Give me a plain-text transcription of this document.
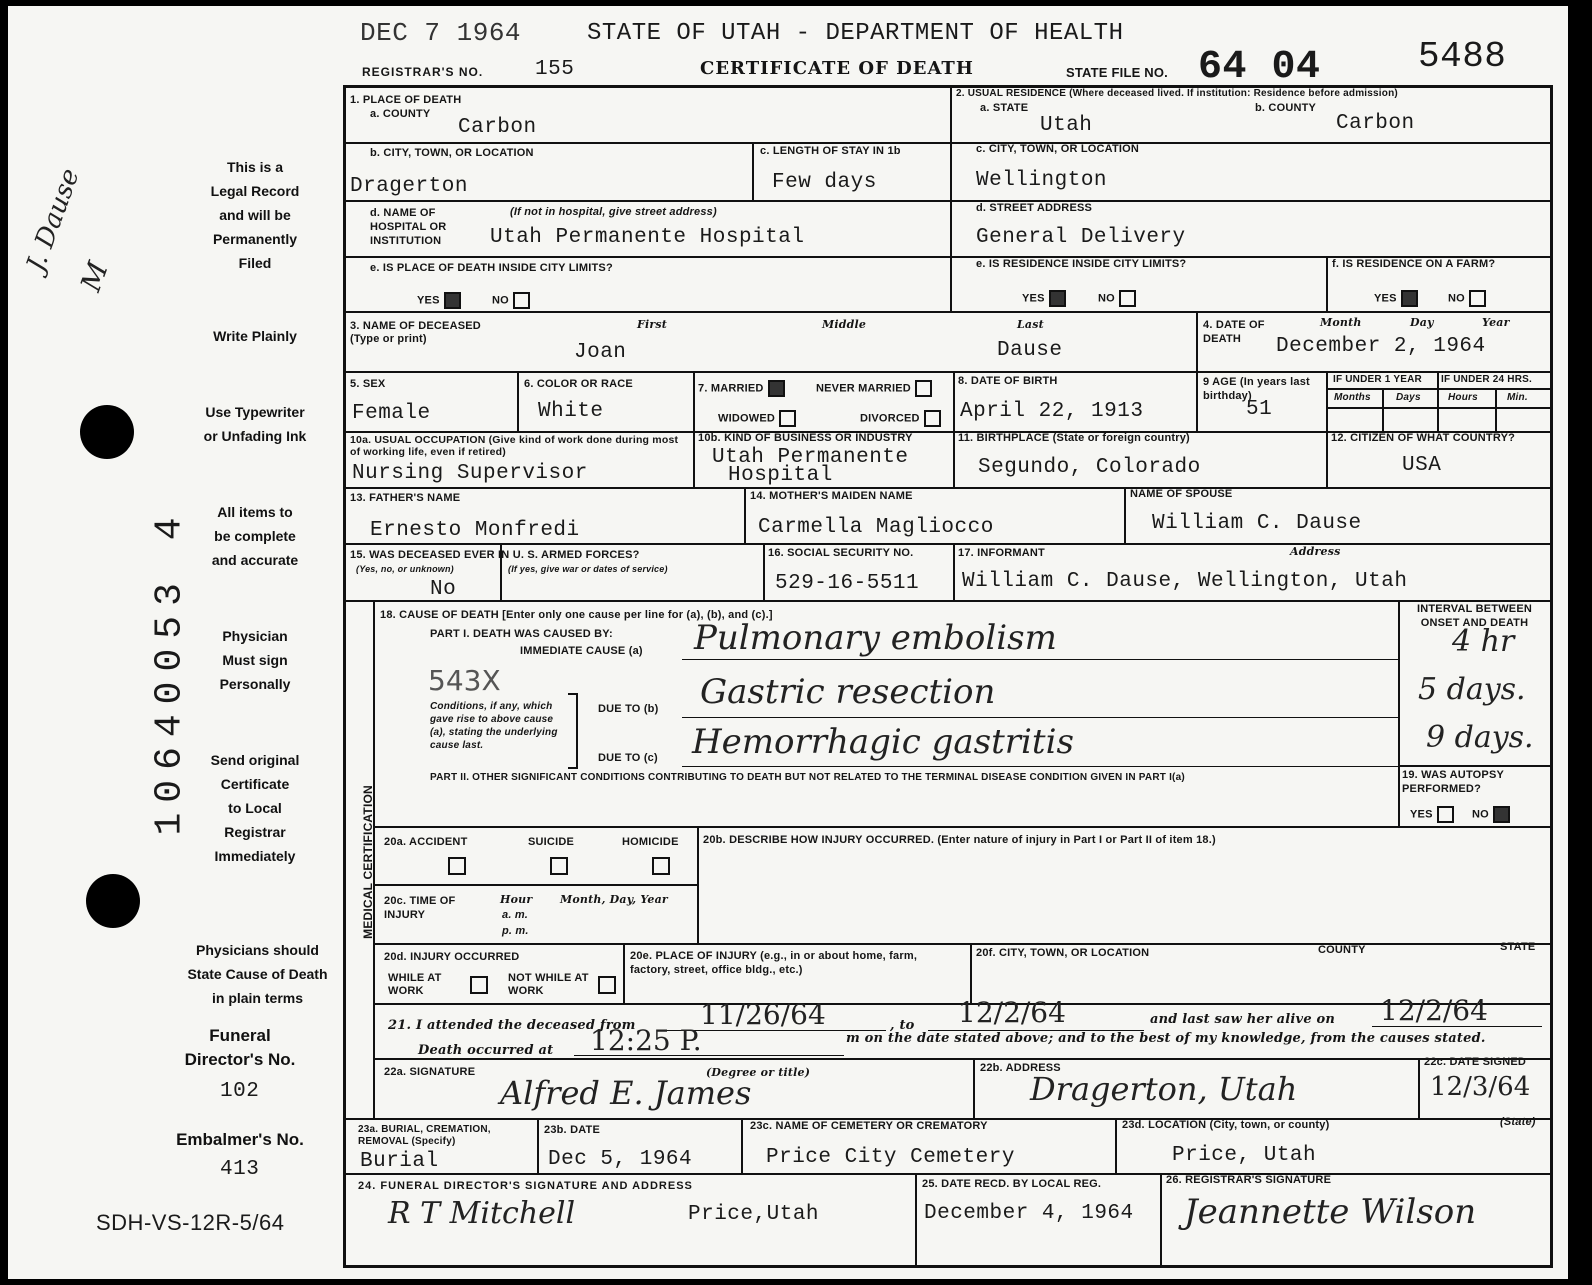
DEC 7 1964	STATE OF UTAH - DEPARTMENT OF HEALTH
REGISTRAR'S NO. 155	CERTIFICATE OF DEATH	STATE FILE NO. 64 04	5488
This is a
Legal Record
and will be
Permanently
Filed
Write Plainly
Use Typewriter
or Unfading Ink
All items to
be complete
and accurate
Physician
Must sign
Personally
Send original
Certificate
to Local
Registrar
Immediately
Physicians should
State Cause of Death
in plain terms
Funeral
Director's No.
102
Embalmer's No.
413
SDH-VS-12R-5/64
10640053 4
J. Dause
M
1. PLACE OF DEATH
a. COUNTY
Carbon
b. CITY, TOWN, OR LOCATION
Dragerton
c. LENGTH OF STAY IN 1b
Few days
d. NAME OF HOSPITAL OR INSTITUTION
(If not in hospital, give street address)
Utah Permanente Hospital
e. IS PLACE OF DEATH INSIDE CITY LIMITS?
YES	NO
2. USUAL RESIDENCE (Where deceased lived. If institution: Residence before admission)
a. STATE
Utah
b. COUNTY
Carbon
c. CITY, TOWN, OR LOCATION
Wellington
d. STREET ADDRESS
General Delivery
e. IS RESIDENCE INSIDE CITY LIMITS?
YES	NO
f. IS RESIDENCE ON A FARM?
YES	NO
3. NAME OF DECEASED (Type or print)
First	Middle	Last
Joan	Dause
4. DATE OF DEATH
Month	Day	Year
December 2, 1964
5. SEX
Female
6. COLOR OR RACE
White
7. MARRIED	NEVER MARRIED
WIDOWED	DIVORCED
8. DATE OF BIRTH
April 22, 1913
9 AGE (In years last birthday)
51
IF UNDER 1 YEAR IF UNDER 24 HRS.
Months	Days	Hours	Min.
10a. USUAL OCCUPATION (Give kind of work done during most of working life, even if retired)
Nursing Supervisor
10b. KIND OF BUSINESS OR INDUSTRY
Utah Permanente
Hospital
11. BIRTHPLACE (State or foreign country)
Segundo, Colorado
12. CITIZEN OF WHAT COUNTRY?
USA
13. FATHER'S NAME
Ernesto Monfredi
14. MOTHER'S MAIDEN NAME
Carmella Magliocco
NAME OF SPOUSE
William C. Dause
15. WAS DECEASED EVER IN U. S. ARMED FORCES?
(Yes, no, or unknown)	(If yes, give war or dates of service)
No
16. SOCIAL SECURITY NO.
529-16-5511
17. INFORMANT	Address
William C. Dause, Wellington, Utah
MEDICAL CERTIFICATION
18. CAUSE OF DEATH [Enter only one cause per line for (a), (b), and (c).]
PART I. DEATH WAS CAUSED BY:
IMMEDIATE CAUSE (a) Pulmonary embolism
543X
Conditions, if any, which gave rise to above cause (a), stating the underlying cause last.
DUE TO (b) Gastric resection
DUE TO (c) Hemorrhagic gastritis
INTERVAL BETWEEN ONSET AND DEATH
4 hr
5 days.
9 days.
PART II. OTHER SIGNIFICANT CONDITIONS CONTRIBUTING TO DEATH BUT NOT RELATED TO THE TERMINAL DISEASE CONDITION GIVEN IN PART I(a)	19. WAS AUTOPSY PERFORMED?
YES	NO
20a. ACCIDENT	SUICIDE	HOMICIDE 20b. DESCRIBE HOW INJURY OCCURRED. (Enter nature of injury in Part I or Part II of item 18.)
20c. TIME OF INJURY
Hour
a. m.
p. m.
Month, Day, Year
20d. INJURY OCCURRED
WHILE AT WORK
NOT WHILE AT WORK
20e. PLACE OF INJURY (e.g., in or about home, farm, factory, street, office bldg., etc.)
20f. CITY, TOWN, OR LOCATION	COUNTY	STATE
21. I attended the deceased from 11/26/64	, to 12/2/64	and last saw her alive on 12/2/64
Death occurred at 12:25 P.	m on the date stated above; and to the best of my knowledge, from the causes stated.
22a. SIGNATURE	(Degree or title)
Alfred E. James
22b. ADDRESS
Dragerton, Utah
22c. DATE SIGNED
12/3/64
23a. BURIAL, CREMATION, REMOVAL (Specify)
Burial
23b. DATE
Dec 5, 1964
23c. NAME OF CEMETERY OR CREMATORY
Price City Cemetery
23d. LOCATION (City, town, or county)	(State)
Price, Utah
24. FUNERAL DIRECTOR'S SIGNATURE AND ADDRESS
R T Mitchell	Price,Utah
25. DATE RECD. BY LOCAL REG.
December 4, 1964
26. REGISTRAR'S SIGNATURE
Jeannette Wilson
